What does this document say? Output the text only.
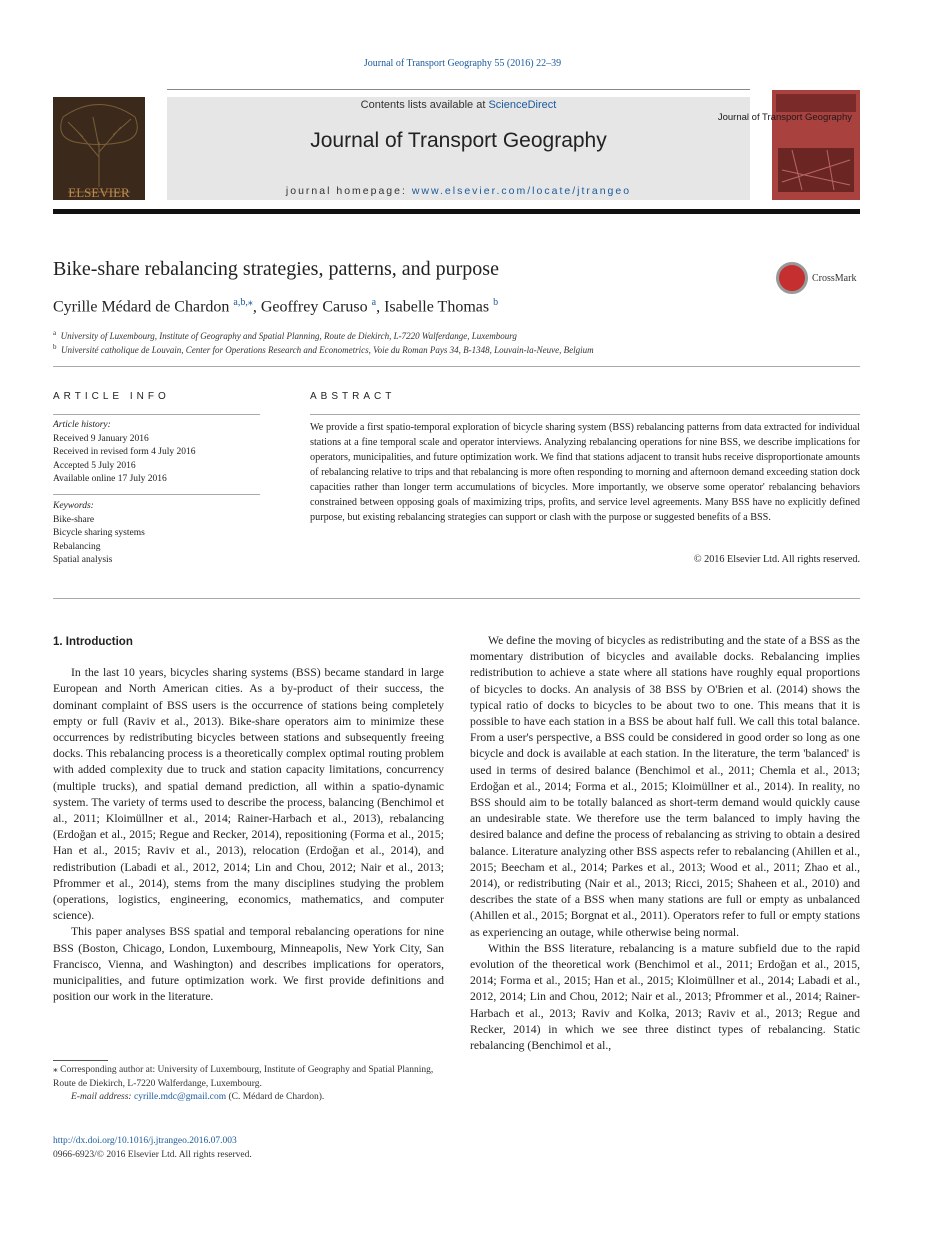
Journal of Transport Geography 55 (2016) 22–39
ELSEVIER
Contents lists available at ScienceDirect
Journal of Transport Geography
journal homepage: www.elsevier.com/locate/jtrangeo
Journal of Transport Geography
Bike-share rebalancing strategies, patterns, and purpose	CrossMark
Cyrille Médard de Chardon $^{a,b,⁎}$, Geoffrey Caruso $^a$, Isabelle Thomas $^b$
$^a$ University of Luxembourg, Institute of Geography and Spatial Planning, Route de Diekirch, L-7220 Walferdange, Luxembourg
$^b$ Université catholique de Louvain, Center for Operations Research and Econometrics, Voie du Roman Pays 34, B-1348, Louvain-la-Neuve, Belgium
ARTICLE INFO
Article history:
Received 9 January 2016
Received in revised form 4 July 2016
Accepted 5 July 2016
Available online 17 July 2016
Keywords:
Bike-share
Bicycle sharing systems
Rebalancing
Spatial analysis
ABSTRACT
We provide a first spatio-temporal exploration of bicycle sharing system (BSS) rebalancing patterns from data extracted for individual stations at a fine temporal scale and operator interviews. Analyzing rebalancing operations for nine BSS, we describe implications for operators, municipalities, and future optimization work. We find that stations adjacent to transit hubs receive disproportionate amounts of rebalancing relative to trips and that rebalancing is more often responding to morning and afternoon demand exceeding station dock capacities rather than longer term accumulations of bicycles. More importantly, we observe some operator' rebalancing behaviors constrained between opposing goals of maximizing trips, profits, and service level agreements. Many BSS have no explicitly defined purpose, but existing rebalancing strategies can support or clash with the purpose or suggested benefits of a BSS.
© 2016 Elsevier Ltd. All rights reserved.
1. Introduction

In the last 10 years, bicycles sharing systems (BSS) became standard in large European and North American cities. As a by-product of their success, the dominant complaint of BSS users is the occurrence of stations being completely empty or full (Raviv et al., 2013). Bike-share operators aim to minimize these occurrences by redistributing bicycles between stations and subsequently freeing docks. This rebalancing process is a theoretically complex optimal routing problem with added complexity due to truck and station capacity limitations, concurrency (multiple trucks), and spatial demand prediction, all within a spatio-dynamic system. The variety of terms used to describe the process, balancing (Benchimol et al., 2011; Kloimüllner et al., 2014; Rainer-Harbach et al., 2013), rebalancing (Erdoğan et al., 2015; Regue and Recker, 2014), repositioning (Forma et al., 2015; Han et al., 2015; Raviv et al., 2013), relocation (Erdoğan et al., 2014), and redistribution (Labadi et al., 2012, 2014; Lin and Chou, 2012; Nair et al., 2013; Pfrommer et al., 2014), stems from the many disciplines studying the problem (operations, logistics, engineering, economics, mathematics, and computer science).

This paper analyses BSS spatial and temporal rebalancing operations for nine BSS (Boston, Chicago, London, Luxembourg, Minneapolis, New York City, San Francisco, Vienna, and Washington) and describes implications for operators, municipalities, and future optimization work. We first provide definitions and position our work in the literature.

We define the moving of bicycles as redistributing and the state of a BSS as the momentary distribution of bicycles and available docks. Rebalancing implies redistribution to achieve a state where all stations have roughly equal proportions of bicycles to docks. An analysis of 38 BSS by O'Brien et al. (2014) shows the typical ratio of docks to bicycles to be about two to one. This means that it is possible to have each station in a BSS be about half full. We call this total balance. From a user's perspective, a BSS could be considered in good order so long as one bicycle and dock is available at each station. In the literature, the term 'balanced' is used in terms of desired balance (Benchimol et al., 2011; Chemla et al., 2013; Erdoğan et al., 2014; Forma et al., 2015; Kloimüllner et al., 2014). In reality, no BSS should aim to be totally balanced as short-term demand would quickly cause an undesirable state. We therefore use the term balanced to imply having the desired balance and define the process of rebalancing as striving to obtain a desired balance. Literature analyzing other BSS aspects refer to rebalancing (Ahillen et al., 2015; Beecham et al., 2014; Parkes et al., 2013; Wood et al., 2011; Zhao et al., 2014), or redistributing (Nair et al., 2013; Ricci, 2015; Shaheen et al., 2010) and describes the state of a BSS when many stations are full or empty as unbalanced (Ahillen et al., 2015; Borgnat et al., 2011). Operators refer to full or empty stations as experiencing an outage, while otherwise being normal.

Within the BSS literature, rebalancing is a mature subfield due to the rapid evolution of the theoretical work (Benchimol et al., 2011; Erdoğan et al., 2015, 2014; Forma et al., 2015; Han et al., 2015; Kloimüllner et al., 2014; Labadi et al., 2012, 2014; Lin and Chou, 2012; Nair et al., 2013; Pfrommer et al., 2014; Rainer-Harbach et al., 2013; Raviv and Kolka, 2013; Raviv et al., 2013; Regue and Recker, 2014) in which we see three distinct types of rebalancing. Static rebalancing (Benchimol et al.,

⁎ Corresponding author at: University of Luxembourg, Institute of Geography and Spatial Planning, Route de Diekirch, L-7220 Walferdange, Luxembourg.
E-mail address: cyrille.mdc@gmail.com (C. Médard de Chardon).
http://dx.doi.org/10.1016/j.jtrangeo.2016.07.003
0966-6923/© 2016 Elsevier Ltd. All rights reserved.
